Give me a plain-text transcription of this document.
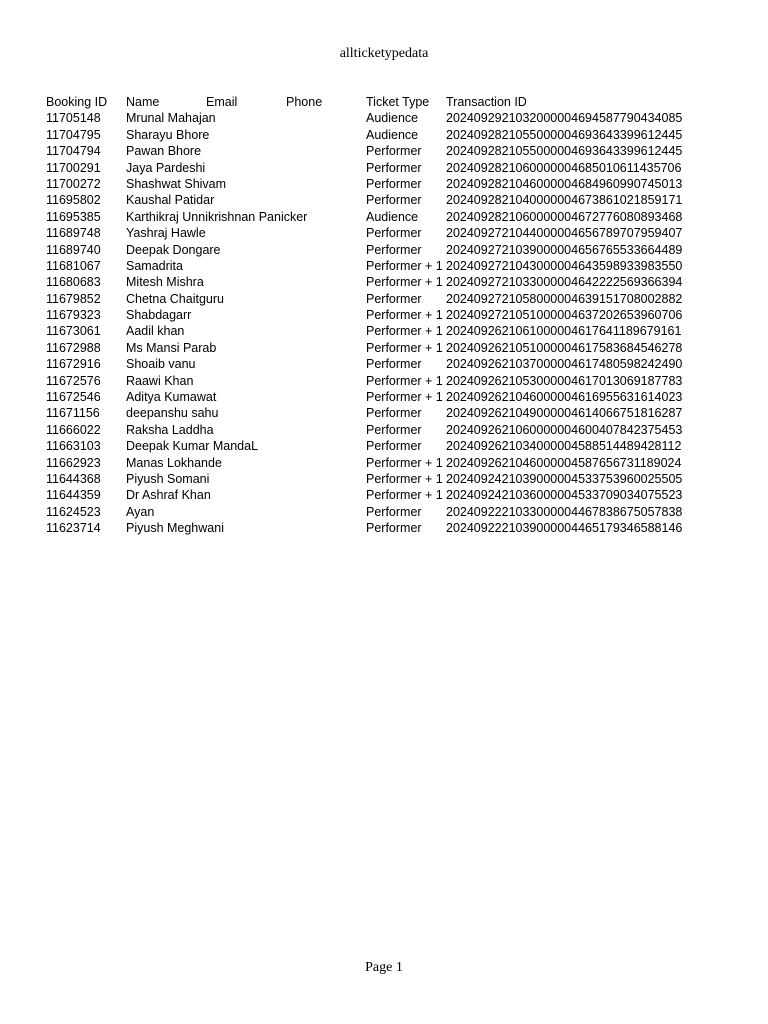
allticketypedata
Booking ID	Name	Email	Phone	Ticket Type	Transaction ID
11705148	Mrunal Mahajan	Audience	2024092921032000004694587790434085
11704795	Sharayu Bhore	Audience	2024092821055000004693643399612445
11704794	Pawan Bhore	Performer	2024092821055000004693643399612445
11700291	Jaya Pardeshi	Performer	2024092821060000004685010611435706
11700272	Shashwat Shivam	Performer	2024092821046000004684960990745013
11695802	Kaushal Patidar	Performer	2024092821040000004673861021859171
11695385	Karthikraj Unnikrishnan Panicker	Audience	2024092821060000004672776080893468
11689748	Yashraj Hawle	Performer	2024092721044000004656789707959407
11689740	Deepak Dongare	Performer	2024092721039000004656765533664489
11681067	Samadrita	Performer + 1 2024092721043000004643598933983550
11680683	Mitesh Mishra	Performer + 1 2024092721033000004642222569366394
11679852	Chetna Chaitguru	Performer	2024092721058000004639151708002882
11679323	Shabdagarr	Performer + 1 2024092721051000004637202653960706
11673061	Aadil khan	Performer + 1 2024092621061000004617641189679161
11672988	Ms Mansi Parab	Performer + 1 2024092621051000004617583684546278
11672916	Shoaib vanu	Performer	2024092621037000004617480598242490
11672576	Raawi Khan	Performer + 1 2024092621053000004617013069187783
11672546	Aditya Kumawat	Performer + 1 2024092621046000004616955631614023
11671156	deepanshu sahu	Performer	2024092621049000004614066751816287
11666022	Raksha Laddha	Performer	2024092621060000004600407842375453
11663103	Deepak Kumar MandaL	Performer	2024092621034000004588514489428112
11662923	Manas Lokhande	Performer + 1 2024092621046000004587656731189024
11644368	Piyush Somani	Performer + 1 2024092421039000004533753960025505
11644359	Dr Ashraf Khan	Performer + 1 2024092421036000004533709034075523
11624523	Ayan	Performer	2024092221033000004467838675057838
11623714	Piyush Meghwani	Performer	2024092221039000004465179346588146
Page 1
